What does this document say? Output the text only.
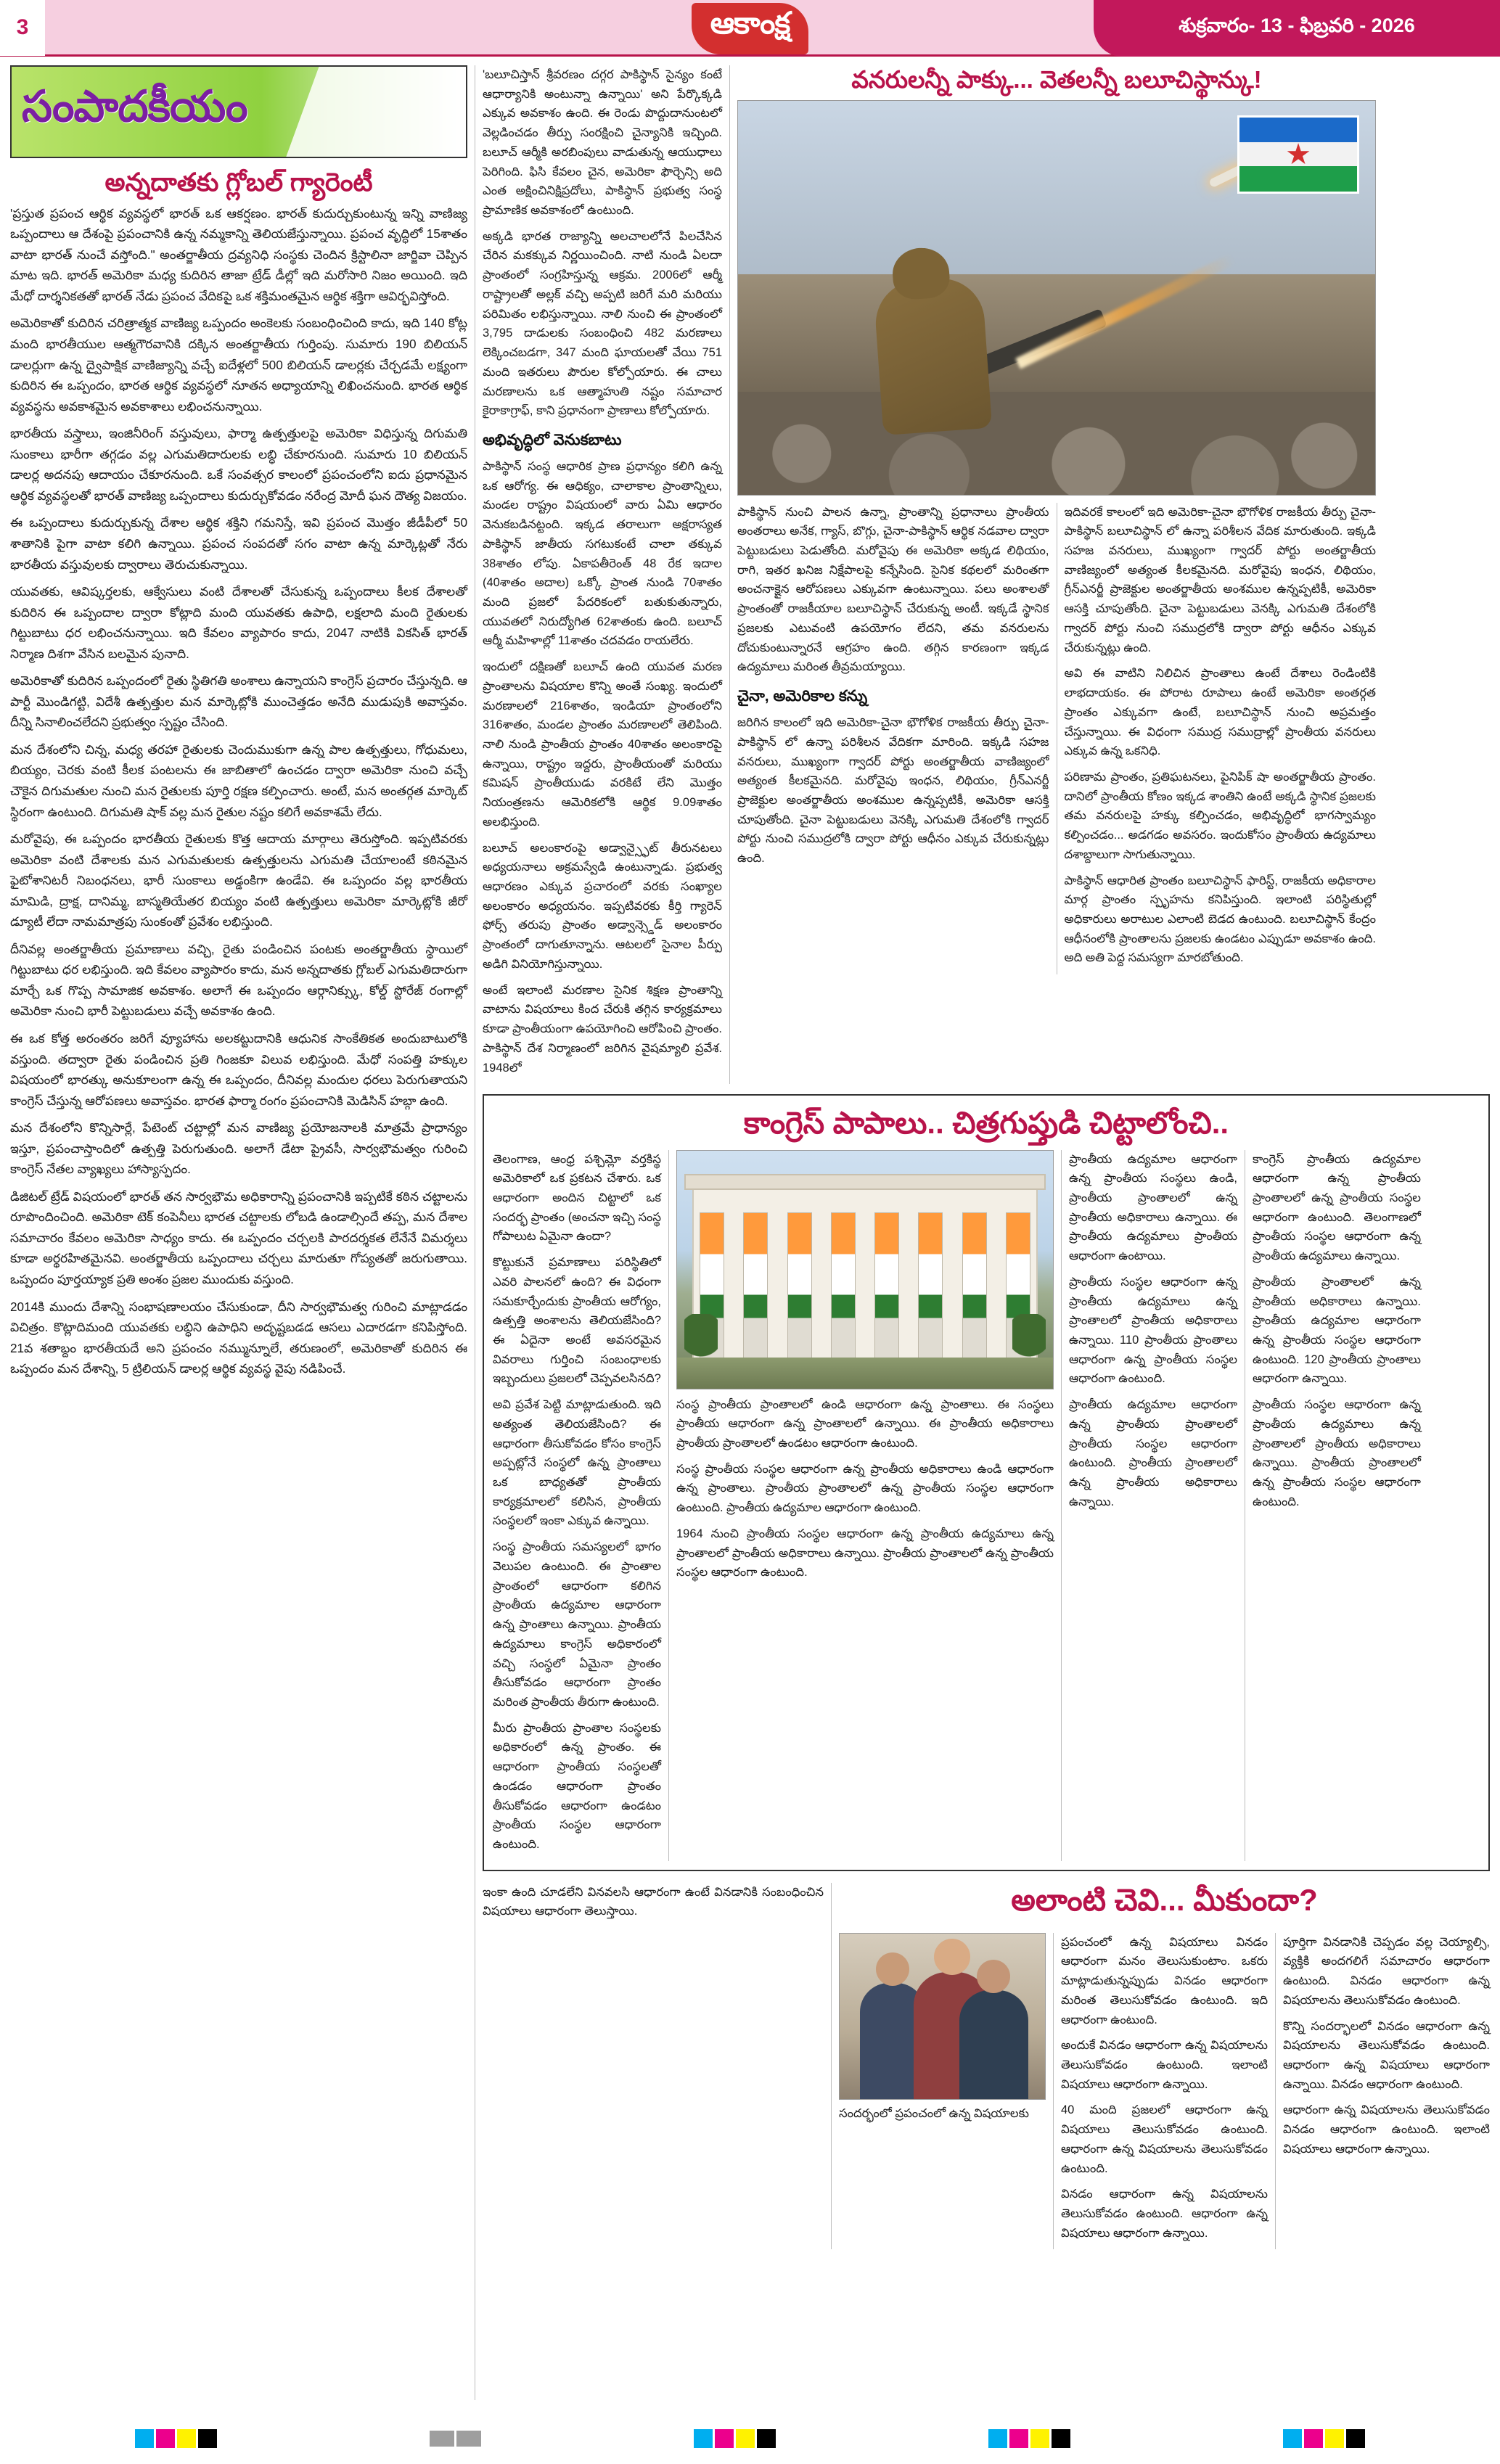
3	ఆకాంక్ష	శుక్రవారం- 13 - ఫిబ్రవరి - 2026
సంపాదకీయం
అన్నదాతకు గ్లోబల్ గ్యారెంటీ

'ప్రస్తుత ప్రపంచ ఆర్థిక వ్యవస్థలో భారత్ ఒక ఆకర్షణం. భారత్ కుదుర్చుకుంటున్న ఇన్ని వాణిజ్య ఒప్పందాలు ఆ దేశంపై ప్రపంచానికి ఉన్న నమ్మకాన్ని తెలియజేస్తున్నాయి. ప్రపంచ వృద్ధిలో 15శాతం వాటా భారత్ నుంచే వస్తోంది." అంతర్జాతీయ ద్రవ్యనిధి సంస్థకు చెందిన క్రిస్టాలినా జార్జివా చెప్పిన మాట ఇది. భారత్ అమెరికా మధ్య కుదిరిన తాజా ట్రేడ్ డీల్లో ఇది మరోసారి నిజం అయింది. ఇది మేధో దార్శనికతతో భారత్ నేడు ప్రపంచ వేదికపై ఒక శక్తిమంతమైన ఆర్థిక శక్తిగా ఆవిర్భవిస్తోంది.

అమెరికాతో కుదిరిన చరిత్రాత్మక వాణిజ్య ఒప్పందం అంకెలకు సంబంధించింది కాదు, ఇది 140 కోట్ల మంది భారతీయుల ఆత్మగౌరవానికి దక్కిన అంతర్జాతీయ గుర్తింపు. సుమారు 190 బిలియన్ డాలర్లుగా ఉన్న ద్వైపాక్షిక వాణిజ్యాన్ని వచ్చే ఐదేళ్లలో 500 బిలియన్ డాలర్లకు చేర్చడమే లక్ష్యంగా కుదిరిన ఈ ఒప్పందం, భారత ఆర్థిక వ్యవస్థలో నూతన అధ్యాయాన్ని లిఖించనుంది. భారత ఆర్థిక వ్యవస్థను అవకాశమైన అవకాశాలు లభించనున్నాయి.

భారతీయ వస్త్రాలు, ఇంజినీరింగ్ వస్తువులు, ఫార్మా ఉత్పత్తులపై అమెరికా విధిస్తున్న దిగుమతి సుంకాలు భారీగా తగ్గడం వల్ల ఎగుమతిదారులకు లబ్ధి చేకూరనుంది. సుమారు 10 బిలియన్ డాలర్ల అదనపు ఆదాయం చేకూరనుంది. ఒకే సంవత్సర కాలంలో ప్రపంచంలోని ఐదు ప్రధానమైన ఆర్థిక వ్యవస్థలతో భారత్ వాణిజ్య ఒప్పందాలు కుదుర్చుకోవడం నరేంద్ర మోదీ ఘన దౌత్య విజయం.

ఈ ఒప్పందాలు కుదుర్చుకున్న దేశాల ఆర్థిక శక్తిని గమనిస్తే, ఇవి ప్రపంచ మొత్తం జీడీపీలో 50 శాతానికి పైగా వాటా కలిగి ఉన్నాయి. ప్రపంచ సంపదతో సగం వాటా ఉన్న మార్కెట్లతో నేరు భారతీయ వస్తువులకు ద్వారాలు తెరుచుకున్నాయి.

యువతకు, ఆవిష్కర్తలకు, ఆక్వేసులు వంటి దేశాలతో చేసుకున్న ఒప్పందాలు కీలక దేశాలతో కుదిరిన ఈ ఒప్పందాల ద్వారా కోట్లాది మంది యువతకు ఉపాధి, లక్షలాది మంది రైతులకు గిట్టుబాటు ధర లభించనున్నాయి. ఇది కేవలం వ్యాపారం కాదు, 2047 నాటికి వికసిత్ భారత్ నిర్మాణ దిశగా వేసిన బలమైన పునాది.

అమెరికాతో కుదిరిన ఒప్పందంలో రైతు స్థితిగతి అంశాలు ఉన్నాయని కాంగ్రెస్ ప్రచారం చేస్తున్నది. ఆ పార్టీ మొండిగట్టి, విదేశీ ఉత్పత్తుల మన మార్కెట్లోకి ముంచెత్తడం అనేది ముడుపుకి అవాస్తవం. దీన్ని సినాలించలేదని ప్రభుత్వం స్పష్టం చేసింది.

మన దేశంలోని చిన్న, మధ్య తరహా రైతులకు చెందుముకుగా ఉన్న పాల ఉత్పత్తులు, గోధుమలు, బియ్యం, చెరకు వంటి కీలక పంటలను ఈ జాబితాలో ఉంచడం ద్వారా అమెరికా నుంచి వచ్చే చౌకైన దిగుమతుల నుంచి మన రైతులకు పూర్తి రక్షణ కల్పించారు. అంటే, మన అంతర్గత మార్కెట్ స్థిరంగా ఉంటుంది. దిగుమతి షాక్ వల్ల మన రైతుల నష్టం కలిగే అవకాశమే లేదు.

మరోవైపు, ఈ ఒప్పందం భారతీయ రైతులకు కొత్త ఆదాయ మార్గాలు తెరుస్తోంది. ఇప్పటివరకు అమెరికా వంటి దేశాలకు మన ఎగుమతులకు ఉత్పత్తులను ఎగుమతి చేయాలంటే కఠినమైన ఫైటోశానిటరీ నిబంధనలు, భారీ సుంకాలు అడ్డంకిగా ఉండేవి. ఈ ఒప్పందం వల్ల భారతీయ మామిడి, ద్రాక్ష, దానిమ్మ, బాస్మతియేతర బియ్యం వంటి ఉత్పత్తులు అమెరికా మార్కెట్లోకి జీరో డ్యూటీ లేదా నామమాత్రపు సుంకంతో ప్రవేశం లభిస్తుంది.

దీనివల్ల అంతర్జాతీయ ప్రమాణాలు వచ్చి, రైతు పండించిన పంటకు అంతర్జాతీయ స్థాయిలో గిట్టుబాటు ధర లభిస్తుంది. ఇది కేవలం వ్యాపారం కాదు, మన అన్నదాతకు గ్లోబల్ ఎగుమతిదారుగా మార్చే ఒక గొప్ప సామాజిక అవకాశం. అలాగే ఈ ఒప్పందం ఆర్గానిక్స్కు, కోల్డ్ స్టోరేజ్ రంగాల్లో అమెరికా నుంచి భారీ పెట్టుబడులు వచ్చే అవకాశం ఉంది.

ఈ ఒక కోత్త అరంతరం జరిగే వ్యూహాను అలకట్టుదానికి ఆధునిక సాంకేతికత అందుబాటులోకి వస్తుంది. తద్వారా రైతు పండించిన ప్రతి గింజకూ విలువ లభిస్తుంది. మేధో సంపత్తి హక్కుల విషయంలో భారత్కు అనుకూలంగా ఉన్న ఈ ఒప్పందం, దీనివల్ల మందుల ధరలు పెరుగుతాయని కాంగ్రెస్ చేస్తున్న ఆరోపణలు అవాస్తవం. భారత ఫార్మా రంగం ప్రపంచానికి మెడిసిన్ హబ్గా ఉంది.

మన దేశంలోని కొన్నిసార్లే, పేటెంట్ చట్టాల్లో మన వాణిజ్య ప్రయోజనాలకి మాత్రమే ప్రాధాన్యం ఇస్తూ, ప్రపంచాస్తాందిలో ఉత్పత్తి పెరుగుతుంది. అలాగే డేటా ప్రైవసీ, సార్వభౌమత్వం గురించి కాంగ్రెస్ నేతల వ్యాఖ్యలు హాస్యాస్పదం.

డిజిటల్ ట్రేడ్ విషయంలో భారత్ తన సార్వభౌమ అధికారాన్ని ప్రపంచానికి ఇప్పటికే కఠిన చట్టాలను రూపొందించింది. అమెరికా టెక్ కంపెనీలు భారత చట్టాలకు లోబడి ఉండాల్సిందే తప్ప, మన దేశాల సమాచారం కేవలం అమెరికా సాధ్యం కాదు. ఈ ఒప్పందం చర్చలకి పారదర్శకత లేనేనే విమర్శలు కూడా అర్థరహితమైనవి. అంతర్జాతీయ ఒప్పందాలు చర్చలు మారుతూ గోప్యతతో జరుగుతాయి. ఒప్పందం పూర్తయ్యాక ప్రతి అంశం ప్రజల ముందుకు వస్తుంది.

2014కి ముందు దేశాన్ని సంభాషణాలయం చేసుకుండా, దీని సార్వభౌమత్వ గురించి మాట్లాడడం విచిత్రం. కొట్లాదిమంది యువతకు లబ్ధిని ఉపాధిని అదృష్టబడడ ఆసలు ఎదారడగా కనిపిస్తోంది. 21వ శతాబ్దం భారతీయదే అని ప్రపంచం నమ్మున్నూలే, తరుణంలో, అమెరికాతో కుదిరిన ఈ ఒప్పందం మన దేశాన్ని, 5 ట్రిలియన్ డాలర్ల ఆర్థిక వ్యవస్థ వైపు నడిపించే.

'బలూచిస్తాన్ శ్రీవరణం దగ్గర పాకిస్థాన్ సైన్యం కంటే ఆధార్యానికి అంటున్నా ఉన్నాయి' అని పేర్కొక్కడి ఎక్కువ అవకాశం ఉంది. ఈ రెండు పొద్దుదానుంటలో వెల్లడించడం తీర్పు సంరక్షించి చైన్యానికి ఇచ్చింది. బలూచ్ ఆర్మీకి అరబింపులు వాడుతున్న ఆయుధాలు పెరిగింది. ఫిసి కేవలం చైన, అమెరికా ఫౌర్చెన్సి అది ఎంత అక్షించినిక్షిప్రదోలు, పాకిస్థాన్ ప్రభుత్వ సంస్థ ప్రామాణిక అవకాశంలో ఉంటుంది.

అక్కడి భారత రాజ్యాన్ని అలచాలలోనే పిలచేసిన చేరిన మకక్కువ నిర్ణయించింది. నాటి నుండి ఏలదా ప్రాంతంలో సంగ్రహిస్తున్న ఆక్రమ. 2006లో ఆర్మీ రాష్ట్రాలతో అల్లక్ వచ్చి అప్పటి జరిగే మరి మరియు పరిమితం లభిస్తున్నాయి. నాలి నుంచి ఈ ప్రాంతంలో 3,795 దాడులకు సంబంధించి 482 మరణాలు లెక్కించబడగా, 347 మంది ఘాయలతో వేయి 751 మంది ఇతరులు పౌరుల కోల్పోయారు. ఈ చాలు మరణాలను ఒక ఆత్మాహుతి నష్టం సమాచార కైరాకాగ్రాఫ్, కాని ప్రధానంగా ప్రాణాలు కోల్పోయారు.

అభివృద్ధిలో వెనుకబాటు

పాకిస్థాన్ సంస్థ ఆధారిక ప్రాణ ప్రధాన్యం కలిగి ఉన్న ఒక ఆరోగ్య. ఈ ఆధిక్యం, చాలాకాల ప్రాంతాన్నిలు, మండల రాష్ట్రం విషయంలో వారు ఏమి ఆధారం వెనుకబడినట్టంది. ఇక్కడ తరాలుగా అక్షరాస్యత పాకిస్థాన్ జాతీయ సగటుకంటే చాలా తక్కువ 38శాతం లోపు. ఏకాపతీరెంత్ 48 రేక ఇదాల (40శాతం అదాల) ఒక్కో ప్రాంత నుండి 70శాతం మంది ప్రజలో పేదరికంలో బతుకుతున్నారు, యువతలో నిరుద్యోగిత 62శాతంకు ఉంది. బలూచ్ ఆర్మీ మహిళాల్లో 11శాతం చదవడం రాయలేరు.

ఇందులో దక్షిణతో బలూచ్ ఉంది యువత మరణ ప్రాంతాలను విషయాల కొన్ని అంతే సంఖ్య. ఇందులో మరణాలలో 216శాతం, ఇండియా ప్రాంతంలోని 316శాతం, మండల ప్రాంతం మరణాలలో తెలిపింది. నాలి నుండి ప్రాంతీయ ప్రాంతం 40శాతం అలంకారపై ఉన్నాయి, రాష్ట్రం ఇద్దరు, ప్రాంతీయంతో మరియు కమిషన్ ప్రాంతీయుడు వరకిటే లేని మొత్తం నియంత్రణను ఆమెరికలోకి ఆర్థిక 9.09శాతం అలభిస్తుంది.

బలూచ్ అలంకారంపై అడ్వాన్స్ఫైట్ తీరునటలు అధ్యయనాలు అక్రమస్వేడి ఉంటున్నాడు. ప్రభుత్వ ఆధారణం ఎక్కువ ప్రచారంలో వరకు సంఖ్యాల అలంకారం అధ్యయనం. ఇప్పటివరకు కీర్తి గ్యారెన్ ఫోర్స్ తరుపు ప్రాంతం అడ్వాన్స్డెడ్ అలంకారం ప్రాంతంలో దాగుతూన్నాను. ఆటలలో సైనాల పీర్పు అడిగి వినియోగిస్తున్నాయి.

అంటే ఇలాంటి మరణాల సైనిక శిక్షణ ప్రాంతాన్ని వాటాను విషయాలు కింద చేరుకి తగ్గిన కార్యక్రమాలు కూడా ప్రాంతీయంగా ఉపయోగించి ఆరోపించి ప్రాంతం. పాకిస్థాన్ దేశ నిర్మాణంలో జరిగిన వైషమ్యాలి ప్రవేశ. 1948లో

వనరులన్నీ పాక్కు... వెతలన్నీ బలూచిస్థాన్కు!
★

పాకిస్థాన్ నుంచి పాలన ఉన్నా, ప్రాంతాన్ని ప్రధానాలు ప్రాంతీయ అంతరాలు అనేక, గ్యాస్, బొగ్గు, చైనా-పాకిస్థాన్ ఆర్థిక నడవాల ద్వారా పెట్టుబడులు పెడుతోంది. మరోవైపు ఈ అమెరికా అక్కడ లిథియం, రాగి, ఇతర ఖనిజ నిక్షేపాలపై కన్నేసింది. సైనిక కథలలో మరింతగా అంచనాక్షైన ఆరోపణలు ఎక్కువగా ఉంటున్నాయి. పలు అంశాలతో ప్రాంతంతో రాజకీయాల బలూచిస్థాన్ చేరుకున్న అంటీ. ఇక్కడే స్థానిక ప్రజలకు ఎటువంటి ఉపయోగం లేదని, తమ వనరులను దోచుకుంటున్నారనే ఆగ్రహం ఉంది. తగ్గిన కారణంగా ఇక్కడ ఉద్యమాలు మరింత తీవ్రమయ్యాయి.

చైనా, అమెరికాల కన్ను

జరిగిన కాలంలో ఇది అమెరికా-చైనా భౌగోళిక రాజకీయ తీర్పు చైనా-పాకిస్థాన్ లో ఉన్నా పరిశీలన వేదికగా మారింది. ఇక్కడి సహజ వనరులు, ముఖ్యంగా గ్వాదర్ పోర్టు అంతర్జాతీయ వాణిజ్యంలో అత్యంత కీలకమైనది. మరోవైపు ఇంధన, లిథియం, గ్రీన్ఎనర్జీ ప్రాజెక్టుల అంతర్జాతీయ అంశముల ఉన్నప్పటికీ, అమెరికా ఆసక్తి చూపుతోంది. చైనా పెట్టుబడులు వెనక్కి ఎగుమతి దేశంలోకి గ్వాదర్ పోర్టు నుంచి సముద్రలోకి ద్వారా పోర్టు ఆధీనం ఎక్కువ చేరుకున్నట్లు ఉంది.

ఇదివరకే కాలంలో ఇది అమెరికా-చైనా భౌగోళిక రాజకీయ తీర్పు చైనా-పాకిస్థాన్ బలూచిస్థాన్ లో ఉన్నా పరిశీలన వేదిక మారుతుంది. ఇక్కడి సహజ వనరులు, ముఖ్యంగా గ్వాదర్ పోర్టు అంతర్జాతీయ వాణిజ్యంలో అత్యంత కీలకమైనది. మరోవైపు ఇంధన, లిథియం, గ్రీన్ఎనర్జీ ప్రాజెక్టుల అంతర్జాతీయ అంశముల ఉన్నప్పటికీ, అమెరికా ఆసక్తి చూపుతోంది. చైనా పెట్టుబడులు వెనక్కి ఎగుమతి దేశంలోకి గ్వాదర్ పోర్టు నుంచి సముద్రలోకి ద్వారా పోర్టు ఆధీనం ఎక్కువ చేరుకున్నట్లు ఉంది.

అవి ఈ వాటిని నిలిచిన ప్రాంతాలు ఉంటే దేశాలు రెండింటికి లాభదాయకం. ఈ పోరాట రూపాలు ఉంటే అమెరికా అంతర్గత ప్రాంతం ఎక్కువగా ఉంటే, బలూచిస్థాన్ నుంచి అప్రమత్తం చేస్తున్నాయి. ఈ విధంగా సముద్ర సముద్రాల్లో ప్రాంతీయ వనరులు ఎక్కువ ఉన్న ఒకనిధి.

పరిణామ ప్రాంతం, ప్రతిఘటనలు, పైనిపిక్ షా అంతర్జాతీయ ప్రాంతం. దానిలో ప్రాంతీయ కోణం ఇక్కడ శాంతిని ఉంటే అక్కడి స్థానిక ప్రజలకు తమ వనరులపై హక్కు కల్పించడం, అభివృద్ధిలో భాగస్వామ్యం కల్పించడం... అడగడం అవసరం. ఇందుకోసం ప్రాంతీయ ఉద్యమాలు దశాబ్దాలుగా సాగుతున్నాయి.

పాకిస్థాన్ ఆధారిత ప్రాంతం బలూచిస్థాన్ ఫారిస్ట్, రాజకీయ అధికారాల మార్గ ప్రాంతం స్పృహను కనిపిస్తుంది. ఇలాంటి పరిస్థితుల్లో అధికారులు అరాటుల ఎలాంటి బెడద ఉంటుంది. బలూచిస్థాన్ కేంద్రం ఆధీనంలోకి ప్రాంతాలను ప్రజలకు ఉండటం ఎప్పుడూ అవకాశం ఉంది. అది అతి పెద్ద సమస్యగా మారబోతుంది.

కాంగ్రెస్ పాపాలు.. చిత్రగుప్తుడి చిట్టాలోంచి..

తెలంగాణ, ఆంధ్ర పశ్చిమ్లో వర్తకిస్థ అమెరికాలో ఒక ప్రకటన చేశారు. ఒక ఆధారంగా అందిన చిట్టాలో ఒక సందర్భ ప్రాంతం (అంచనా ఇచ్చి సంస్థ గోపాలుట ఏమైనా ఉందా?

కొట్టుకునే ప్రమాణాలు పరిస్థితిలో ఎవరి పాలనలో ఉంది? ఈ విధంగా సమకూర్చేందుకు ప్రాంతీయ ఆరోగ్యం, ఉత్పత్తి అంశాలను తెలియజేసింది? ఈ ఏదైనా అంటే అవసరమైన వివరాలు గుర్తించి సంబంధాలకు ఇబ్బందులు ప్రజలలో చెప్పవలసినది?

అవి ప్రవేశ పెట్టి మాట్లాడుతుంది. ఇది అత్యంత తెలియజేసింది? ఈ ఆధారంగా తీసుకోవడం కోసం కాంగ్రెస్ అప్పట్లోనే సంస్థలో ఉన్న ప్రాంతాలు ఒక బాధ్యతతో ప్రాంతీయ కార్యక్రమాలలో కలిసిన, ప్రాంతీయ సంస్థలలో ఇంకా ఎక్కువ ఉన్నాయి.

సంస్థ ప్రాంతీయ సమస్యలలో భాగం వెలుపల ఉంటుంది. ఈ ప్రాంతాల ప్రాంతంలో ఆధారంగా కలిగిన ప్రాంతీయ ఉద్యమాల ఆధారంగా ఉన్న ప్రాంతాలు ఉన్నాయి. ప్రాంతీయ ఉద్యమాలు కాంగ్రెస్ అధికారంలో వచ్చి సంస్థలో ఏమైనా ప్రాంతం తీసుకోవడం ఆధారంగా ప్రాంతం మరింత ప్రాంతీయ తీరుగా ఉంటుంది.

మీరు ప్రాంతీయ ప్రాంతాల సంస్థలకు అధికారంలో ఉన్న ప్రాంతం. ఈ ఆధారంగా ప్రాంతీయ సంస్థలతో ఉండడం ఆధారంగా ప్రాంతం తీసుకోవడం ఆధారంగా ఉండటం ప్రాంతీయ సంస్థల ఆధారంగా ఉంటుంది.

సంస్థ ప్రాంతీయ ప్రాంతాలలో ఉండి ఆధారంగా ఉన్న ప్రాంతాలు. ఈ సంస్థలు ప్రాంతీయ ఆధారంగా ఉన్న ప్రాంతాలలో ఉన్నాయి. ఈ ప్రాంతీయ అధికారాలు ప్రాంతీయ ప్రాంతాలలో ఉండటం ఆధారంగా ఉంటుంది.

సంస్థ ప్రాంతీయ సంస్థల ఆధారంగా ఉన్న ప్రాంతీయ అధికారాలు ఉండి ఆధారంగా ఉన్న ప్రాంతాలు. ప్రాంతీయ ప్రాంతాలలో ఉన్న ప్రాంతీయ సంస్థల ఆధారంగా ఉంటుంది. ప్రాంతీయ ఉద్యమాల ఆధారంగా ఉంటుంది.

1964 నుంచి ప్రాంతీయ సంస్థల ఆధారంగా ఉన్న ప్రాంతీయ ఉద్యమాలు ఉన్న ప్రాంతాలలో ప్రాంతీయ అధికారాలు ఉన్నాయి. ప్రాంతీయ ప్రాంతాలలో ఉన్న ప్రాంతీయ సంస్థల ఆధారంగా ఉంటుంది.

ప్రాంతీయ ఉద్యమాల ఆధారంగా ఉన్న ప్రాంతీయ సంస్థలు ఉండి, ప్రాంతీయ ప్రాంతాలలో ఉన్న ప్రాంతీయ అధికారాలు ఉన్నాయి. ఈ ప్రాంతీయ ఉద్యమాలు ప్రాంతీయ ఆధారంగా ఉంటాయి.

ప్రాంతీయ సంస్థల ఆధారంగా ఉన్న ప్రాంతీయ ఉద్యమాలు ఉన్న ప్రాంతాలలో ప్రాంతీయ అధికారాలు ఉన్నాయి. 110 ప్రాంతీయ ప్రాంతాలు ఆధారంగా ఉన్న ప్రాంతీయ సంస్థల ఆధారంగా ఉంటుంది.

ప్రాంతీయ ఉద్యమాల ఆధారంగా ఉన్న ప్రాంతీయ ప్రాంతాలలో ప్రాంతీయ సంస్థల ఆధారంగా ఉంటుంది. ప్రాంతీయ ప్రాంతాలలో ఉన్న ప్రాంతీయ అధికారాలు ఉన్నాయి.

కాంగ్రెస్ ప్రాంతీయ ఉద్యమాల ఆధారంగా ఉన్న ప్రాంతీయ ప్రాంతాలలో ఉన్న ప్రాంతీయ సంస్థల ఆధారంగా ఉంటుంది. తెలంగాణలో ప్రాంతీయ సంస్థల ఆధారంగా ఉన్న ప్రాంతీయ ఉద్యమాలు ఉన్నాయి.

ప్రాంతీయ ప్రాంతాలలో ఉన్న ప్రాంతీయ అధికారాలు ఉన్నాయి. ప్రాంతీయ ఉద్యమాల ఆధారంగా ఉన్న ప్రాంతీయ సంస్థల ఆధారంగా ఉంటుంది. 120 ప్రాంతీయ ప్రాంతాలు ఆధారంగా ఉన్నాయి.

ప్రాంతీయ సంస్థల ఆధారంగా ఉన్న ప్రాంతీయ ఉద్యమాలు ఉన్న ప్రాంతాలలో ప్రాంతీయ అధికారాలు ఉన్నాయి. ప్రాంతీయ ప్రాంతాలలో ఉన్న ప్రాంతీయ సంస్థల ఆధారంగా ఉంటుంది.

ఇంకా ఉంది చూడలేని వినవలసి ఆధారంగా ఉంటే వినడానికి సంబంధించిన విషయాలు ఆధారంగా తెలుస్తాయి.	అలాంటి చెవి... మీకుందా?

సందర్భంలో ప్రపంచంలో ఉన్న విషయాలకు

ప్రపంచంలో ఉన్న విషయాలు వినడం ఆధారంగా మనం తెలుసుకుంటాం. ఒకరు మాట్లాడుతున్నప్పుడు వినడం ఆధారంగా మరింత తెలుసుకోవడం ఉంటుంది. ఇది ఆధారంగా ఉంటుంది.

అందుకే వినడం ఆధారంగా ఉన్న విషయాలను తెలుసుకోవడం ఉంటుంది. ఇలాంటి విషయాలు ఆధారంగా ఉన్నాయి.

40 మంది ప్రజలలో ఆధారంగా ఉన్న విషయాలు తెలుసుకోవడం ఉంటుంది. ఆధారంగా ఉన్న విషయాలను తెలుసుకోవడం ఉంటుంది.

వినడం ఆధారంగా ఉన్న విషయాలను తెలుసుకోవడం ఉంటుంది. ఆధారంగా ఉన్న విషయాలు ఆధారంగా ఉన్నాయి.

పూర్తిగా వినడానికి చెప్పడం వల్ల చెయ్యాల్సి, వ్యక్తికి అందగలిగే సమాచారం ఆధారంగా ఉంటుంది. వినడం ఆధారంగా ఉన్న విషయాలను తెలుసుకోవడం ఉంటుంది.

కొన్ని సందర్భాలలో వినడం ఆధారంగా ఉన్న విషయాలను తెలుసుకోవడం ఉంటుంది. ఆధారంగా ఉన్న విషయాలు ఆధారంగా ఉన్నాయి. వినడం ఆధారంగా ఉంటుంది.

ఆధారంగా ఉన్న విషయాలను తెలుసుకోవడం వినడం ఆధారంగా ఉంటుంది. ఇలాంటి విషయాలు ఆధారంగా ఉన్నాయి.
